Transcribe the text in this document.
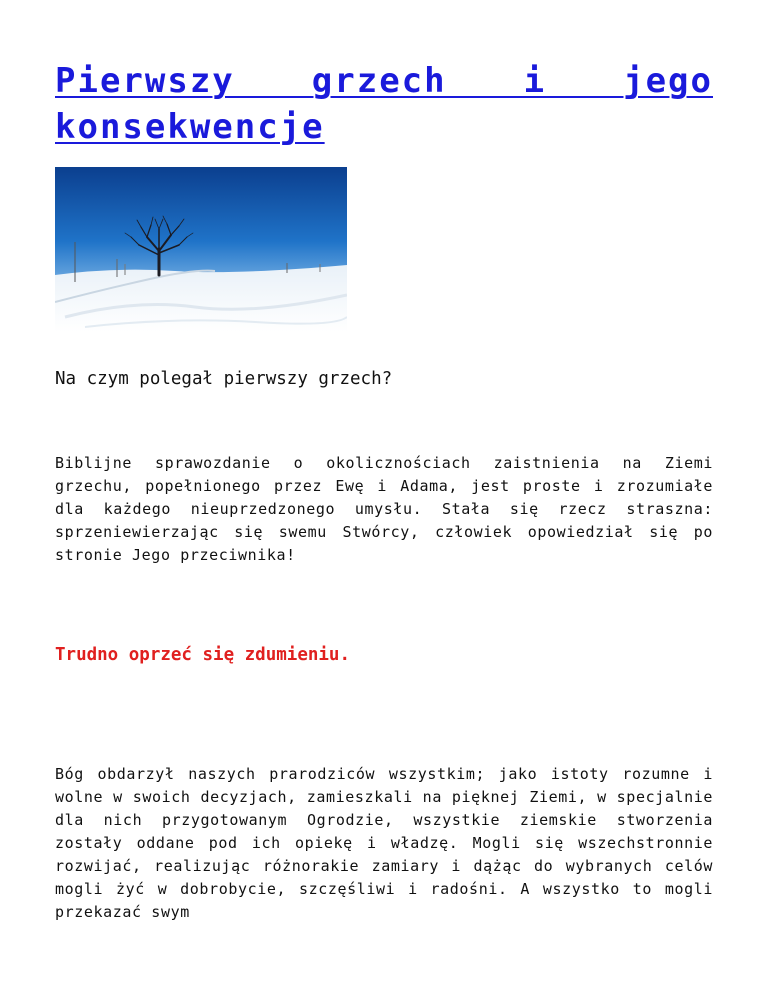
Pierwszy grzech i jego konsekwencje
Na czym polegał pierwszy grzech?

Biblijne sprawozdanie o okolicznościach zaistnienia na Ziemi grzechu, popełnionego przez Ewę i Adama, jest proste i zrozumiałe dla każdego nieuprzedzonego umysłu. Stała się rzecz straszna: sprzeniewierzając się swemu Stwórcy, człowiek opowiedział się po stronie Jego przeciwnika!

Trudno oprzeć się zdumieniu.

Bóg obdarzył naszych prarodziców wszystkim; jako istoty rozumne i wolne w swoich decyzjach, zamieszkali na pięknej Ziemi, w specjalnie dla nich przygotowanym Ogrodzie, wszystkie ziemskie stworzenia zostały oddane pod ich opiekę i władzę. Mogli się wszechstronnie rozwijać, realizując różnorakie zamiary i dążąc do wybranych celów mogli żyć w dobrobycie, szczęśliwi i radośni. A wszystko to mogli przekazać swym
